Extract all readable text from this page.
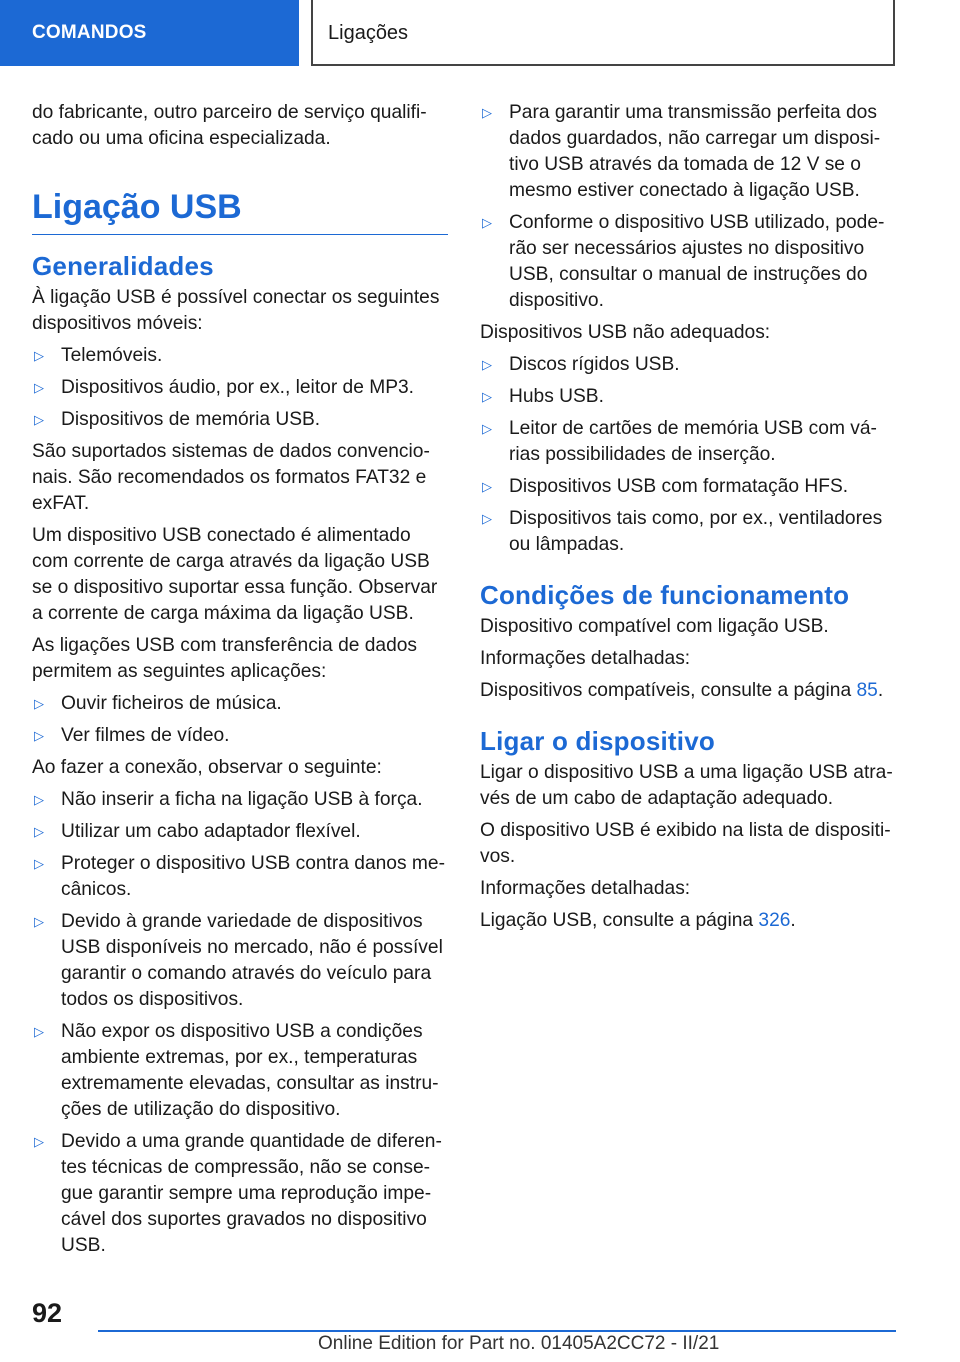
COMANDOS	Ligações

do fabricante, outro parceiro de serviço qualificado ou uma oficina especializada.

Ligação USB
Generalidades

À ligação USB é possível conectar os seguintes dispositivos móveis:

▷ Telemóveis.
▷ Dispositivos áudio, por ex., leitor de MP3.
▷ Dispositivos de memória USB.

São suportados sistemas de dados convencionais. São recomendados os formatos FAT32 e exFAT.

Um dispositivo USB conectado é alimentado com corrente de carga através da ligação USB se o dispositivo suportar essa função. Observar a corrente de carga máxima da ligação USB.

As ligações USB com transferência de dados permitem as seguintes aplicações:

▷ Ouvir ficheiros de música.
▷ Ver filmes de vídeo.

Ao fazer a conexão, observar o seguinte:

▷ Não inserir a ficha na ligação USB à força.
▷ Utilizar um cabo adaptador flexível.
▷ Proteger o dispositivo USB contra danos mecânicos.
▷ Devido à grande variedade de dispositivos USB disponíveis no mercado, não é possível garantir o comando através do veículo para todos os dispositivos.
▷ Não expor os dispositivo USB a condições ambiente extremas, por ex., temperaturas extremamente elevadas, consultar as instruções de utilização do dispositivo.
▷ Devido a uma grande quantidade de diferentes técnicas de compressão, não se consegue garantir sempre uma reprodução impecável dos suportes gravados no dispositivo USB.
▷ Para garantir uma transmissão perfeita dos dados guardados, não carregar um dispositivo USB através da tomada de 12 V se o mesmo estiver conectado à ligação USB.
▷ Conforme o dispositivo USB utilizado, poderão ser necessários ajustes no dispositivo USB, consultar o manual de instruções do dispositivo.

Dispositivos USB não adequados:

▷ Discos rígidos USB.
▷ Hubs USB.
▷ Leitor de cartões de memória USB com várias possibilidades de inserção.
▷ Dispositivos USB com formatação HFS.
▷ Dispositivos tais como, por ex., ventiladores ou lâmpadas.
Condições de funcionamento

Dispositivo compatível com ligação USB.

Informações detalhadas:

Dispositivos compatíveis, consulte a página 85.

Ligar o dispositivo

Ligar o dispositivo USB a uma ligação USB através de um cabo de adaptação adequado.

O dispositivo USB é exibido na lista de dispositivos.

Informações detalhadas:

Ligação USB, consulte a página 326.

92
Online Edition for Part no. 01405A2CC72 - II/21
